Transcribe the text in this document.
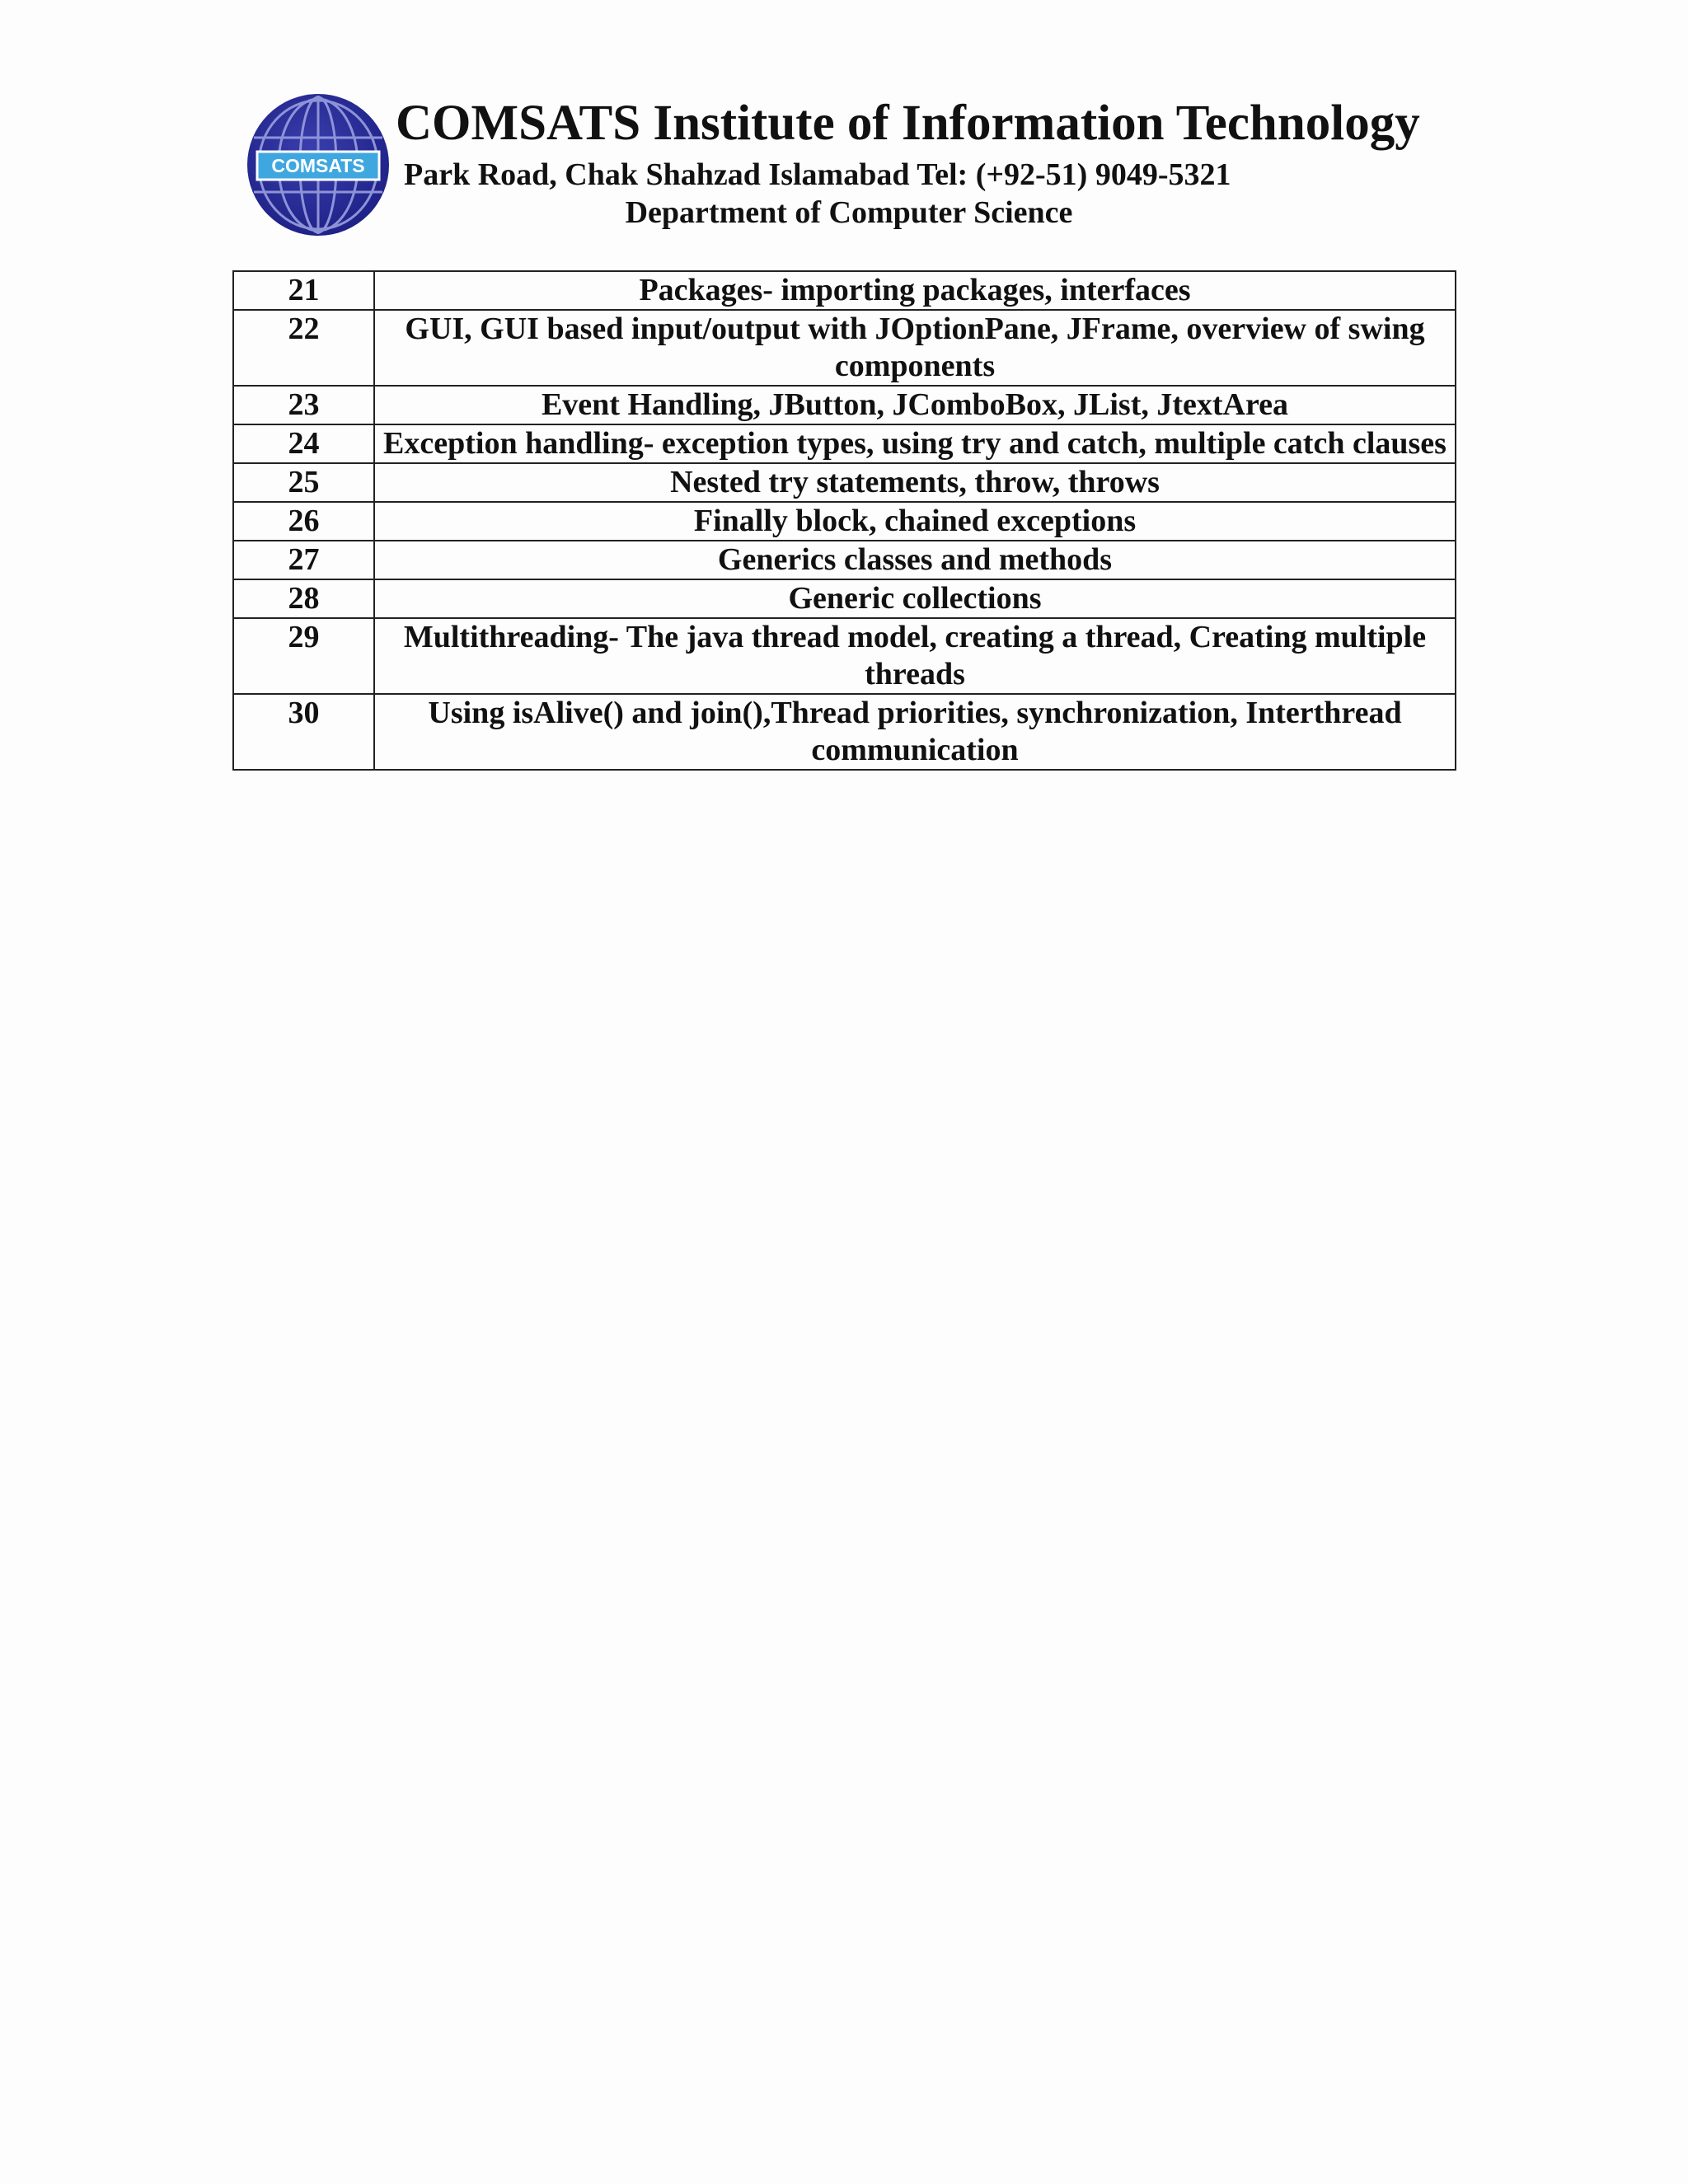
COMSATS
COMSATS Institute of Information Technology
Park Road, Chak Shahzad Islamabad Tel: (+92-51) 9049-5321
Department of Computer Science
21	Packages- importing packages, interfaces
22	GUI, GUI based input/output with JOptionPane, JFrame, overview of swing components
23	Event Handling, JButton, JComboBox, JList, JtextArea
24	Exception handling- exception types, using try and catch, multiple catch clauses
25	Nested try statements, throw, throws
26	Finally block, chained exceptions
27	Generics classes and methods
28	Generic collections
29	Multithreading- The java thread model, creating a thread, Creating multiple threads
30	Using isAlive() and join(),Thread priorities, synchronization, Interthread communication
